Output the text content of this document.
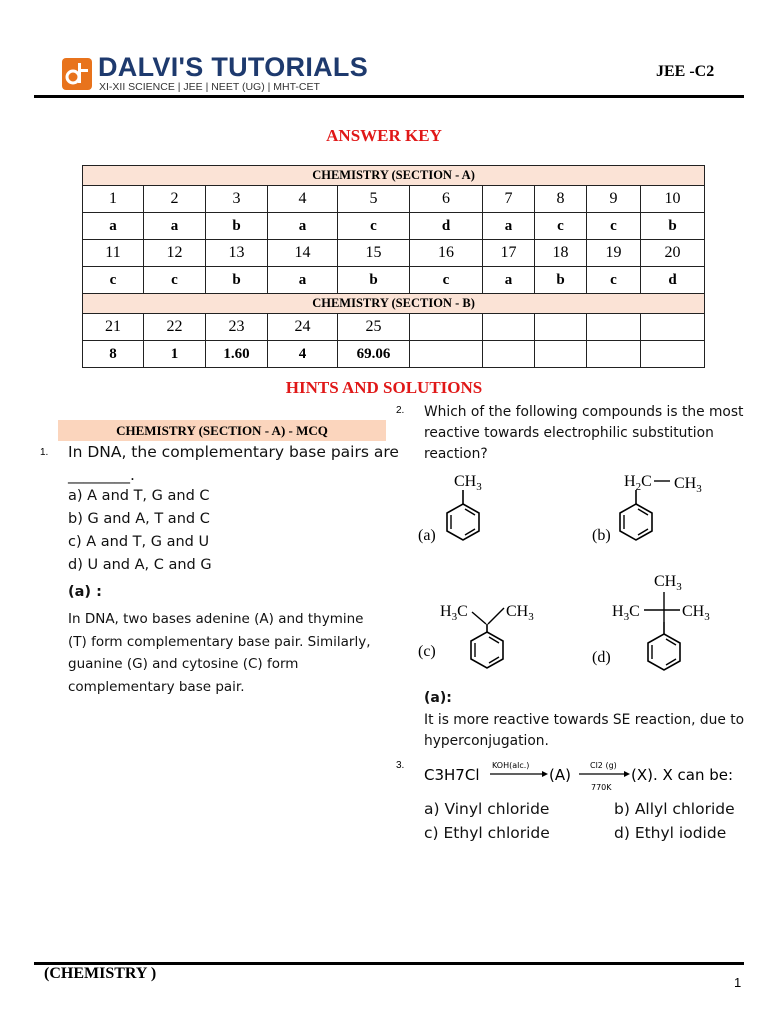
DALVI'S TUTORIALS
XI-XII SCIENCE | JEE | NEET (UG) | MHT-CET
JEE -C2
ANSWER KEY
CHEMISTRY (SECTION - A)									
1	2	3	4	5	6	7	8	9	10
a	a	b	a	c	d	a	c	c	b
11	12	13	14	15	16	17	18	19	20
c	c	b	a	b	c	a	b	c	d
CHEMISTRY (SECTION - B)									
21	22	23	24	25					
8	1	1.60	4	69.06					
HINTS AND SOLUTIONS
CHEMISTRY (SECTION - A) - MCQ
1. In DNA, the complementary base pairs are
________.
a) A and T, G and C
b) G and A, T and C
c) A and T, G and U
d) U and A, C and G
(a) :
In DNA, two bases adenine (A) and thymine (T) form complementary base pair. Similarly, guanine (G) and cytosine (C) form complementary base pair.
2. Which of the following compounds is the most reactive towards electrophilic substitution reaction?
(a)
$CH_3$
(b)
$H_2C$ $CH_3$
(c)
$H_3C$ $CH_3$
(d)
$CH_3$
$H_3C$	$CH_3$
(a):
It is more reactive towards SE reaction, due to hyperconjugation.
3.
C3H7Cl
KOH(alc.)
(A)
Cl2 (g)
770K
(X). X can be:
a) Vinyl chloride	b) Allyl chloride
c) Ethyl chloride	d) Ethyl iodide
(CHEMISTRY )
1
